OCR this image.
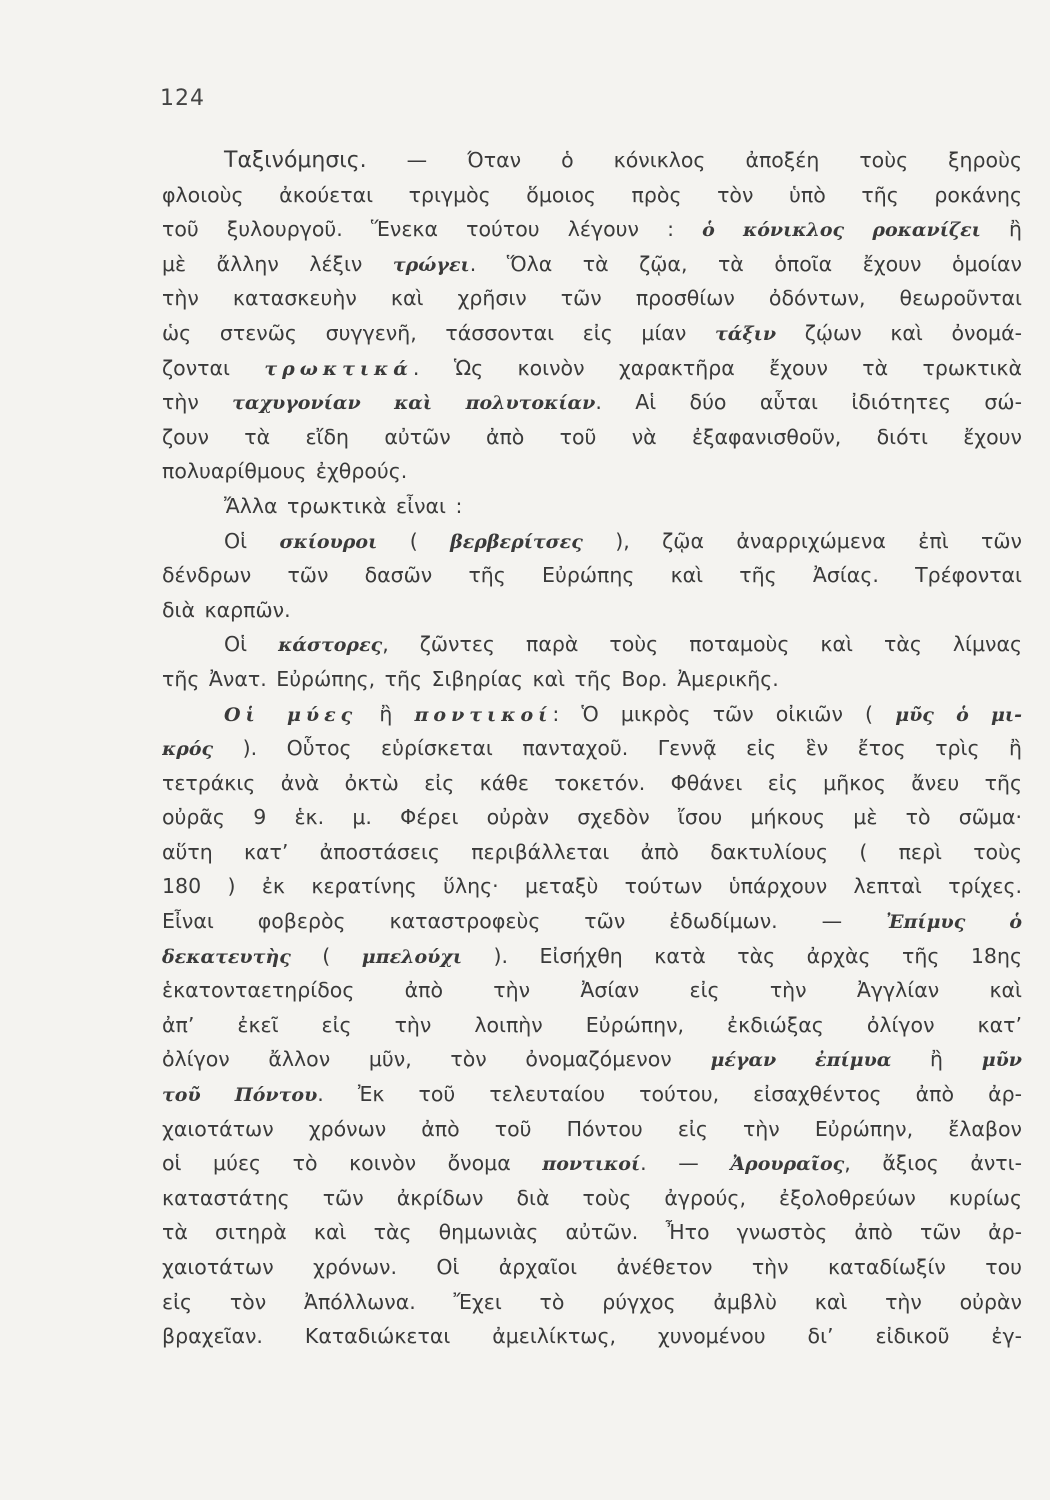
124
Ταξινόμησις. — Όταν ὁ κόνικλος ἀποξέη τοὺς ξηροὺς
φλοιοὺς ἀκούεται τριγμὸς ὅμοιος πρὸς τὸν ὑπὸ τῆς ροκάνης
τοῦ ξυλουργοῦ. Ἕνεκα τούτου λέγουν : ὁ κόνικλος ροκανίζει ἢ
μὲ ἄλλην λέξιν τρώγει. Ὅλα τὰ ζῷα, τὰ ὁποῖα ἔχουν ὁμοίαν
τὴν κατασκευὴν καὶ χρῆσιν τῶν προσθίων ὀδόντων, θεωροῦνται
ὡς στενῶς συγγενῆ, τάσσονται εἰς μίαν τάξιν ζῴων καὶ ὀνομά-
ζονται τρωκτικά. Ὡς κοινὸν χαρακτῆρα ἔχουν τὰ τρωκτικὰ
τὴν ταχυγονίαν καὶ πολυτοκίαν. Αἱ δύο αὗται ἰδιότητες σώ-
ζουν τὰ εἴδη αὐτῶν ἀπὸ τοῦ νὰ ἐξαφανισθοῦν, διότι ἔχουν
πολυαρίθμους ἐχθρούς.
Ἄλλα τρωκτικὰ εἶναι :
Οἱ σκίουροι ( βερβερίτσες ), ζῷα ἀναρριχώμενα ἐπὶ τῶν
δένδρων τῶν δασῶν τῆς Εὐρώπης καὶ τῆς Ἀσίας. Τρέφονται
διὰ καρπῶν.
Οἱ κάστορες, ζῶντες παρὰ τοὺς ποταμοὺς καὶ τὰς λίμνας
τῆς Ἀνατ. Εὐρώπης, τῆς Σιβηρίας καὶ τῆς Βορ. Ἀμερικῆς.
Οἱ μύες ἢ ποντικοί: Ὁ μικρὸς τῶν οἰκιῶν ( μῦς ὁ μι-
κρός ). Οὗτος εὑρίσκεται πανταχοῦ. Γεννᾷ εἰς ἓν ἔτος τρὶς ἢ
τετράκις ἀνὰ ὀκτὼ εἰς κάθε τοκετόν. Φθάνει εἰς μῆκος ἄνευ τῆς
οὐρᾶς 9 ἑκ. μ. Φέρει οὐρὰν σχεδὸν ἴσου μήκους μὲ τὸ σῶμα·
αὕτη κατ’ ἀποστάσεις περιβάλλεται ἀπὸ δακτυλίους ( περὶ τοὺς
180 ) ἐκ κερατίνης ὕλης· μεταξὺ τούτων ὑπάρχουν λεπταὶ τρίχες.
Εἶναι φοβερὸς καταστροφεὺς τῶν ἐδωδίμων. — Ἐπίμυς ὁ
δεκατευτὴς ( μπελούχι ). Εἰσήχθη κατὰ τὰς ἀρχὰς τῆς 18ης
ἑκατονταετηρίδος ἀπὸ τὴν Ἀσίαν εἰς τὴν Ἀγγλίαν καὶ
ἀπ’ ἐκεῖ εἰς τὴν λοιπὴν Εὐρώπην, ἐκδιώξας ὀλίγον κατ’
ὀλίγον ἄλλον μῦν, τὸν ὀνομαζόμενον μέγαν ἐπίμυα ἢ μῦν
τοῦ Πόντου. Ἐκ τοῦ τελευταίου τούτου, εἰσαχθέντος ἀπὸ ἀρ-
χαιοτάτων χρόνων ἀπὸ τοῦ Πόντου εἰς τὴν Εὐρώπην, ἔλαβον
οἱ μύες τὸ κοινὸν ὄνομα ποντικοί. — Ἀρουραῖος, ἄξιος ἀντι-
καταστάτης τῶν ἀκρίδων διὰ τοὺς ἀγρούς, ἐξολοθρεύων κυρίως
τὰ σιτηρὰ καὶ τὰς θημωνιὰς αὐτῶν. Ἦτο γνωστὸς ἀπὸ τῶν ἀρ-
χαιοτάτων χρόνων. Οἱ ἀρχαῖοι ἀνέθετον τὴν καταδίωξίν του
εἰς τὸν Ἀπόλλωνα. Ἔχει τὸ ρύγχος ἀμβλὺ καὶ τὴν οὐρὰν
βραχεῖαν. Καταδιώκεται ἀμειλίκτως, χυνομένου δι’ εἰδικοῦ ἐγ-
